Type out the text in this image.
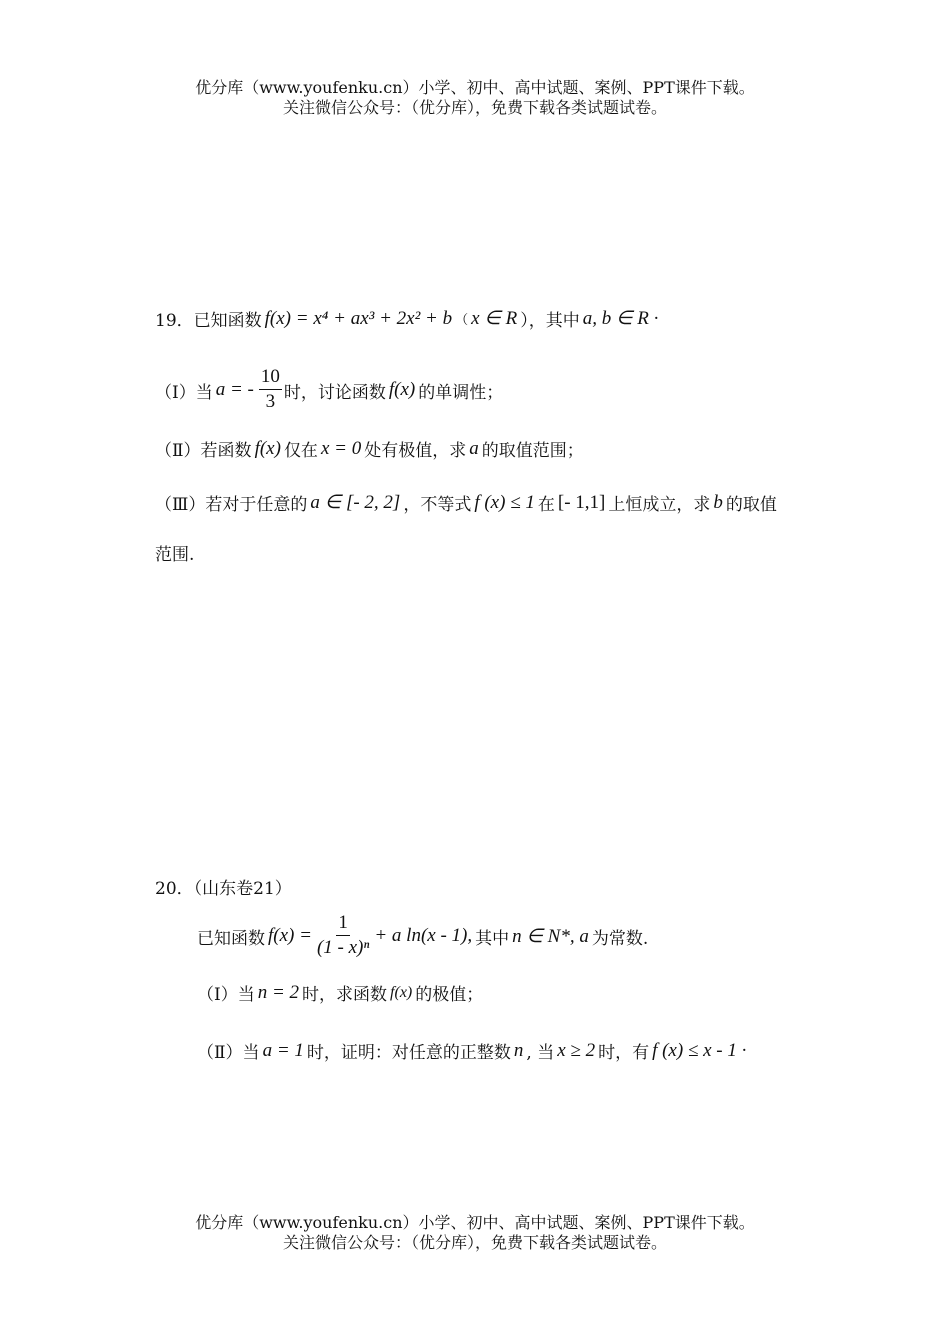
优分库（www.youfenku.cn）小学、初中、高中试题、案例、PPT课件下载。
关注微信公众号：（优分库），免费下载各类试题试卷。
19．已知函数 f(x) = x⁴ + ax³ + 2x² + b （ x ∈ R ），其中 a, b ∈ R ·
（Ⅰ）当 a = - $\frac{10}{3}$ 时，讨论函数 f(x) 的单调性；
（Ⅱ）若函数 f(x) 仅在 x = 0 处有极值，求 a 的取值范围；
（Ⅲ）若对于任意的 a ∈ [- 2, 2] ，不等式 f (x) ≤ 1 在 [- 1,1] 上恒成立，求 b 的取值
范围.
20．（山东卷21）
已知函数 $f(x) = \frac{1}{\text{(1 - x)ⁿ}} + a$ ln(x - 1), 其中 n ∈ N*, a 为常数.
（Ⅰ）当 n = 2 时，求函数 f(x) 的极值；
（Ⅱ）当 a = 1 时，证明：对任意的正整数 n , 当 x ≥ 2 时，有 f (x) ≤ x - 1 ·
优分库（www.youfenku.cn）小学、初中、高中试题、案例、PPT课件下载。
关注微信公众号：（优分库），免费下载各类试题试卷。
